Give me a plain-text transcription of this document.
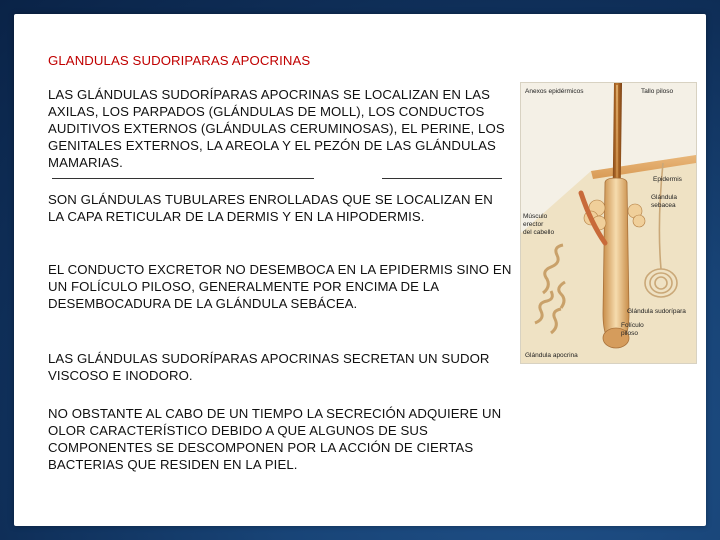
GLANDULAS SUDORIPARAS APOCRINAS
LAS GLÁNDULAS SUDORÍPARAS APOCRINAS SE LOCALIZAN EN LAS AXILAS, LOS PARPADOS (GLÁNDULAS DE MOLL), LOS CONDUCTOS AUDITIVOS EXTERNOS (GLÁNDULAS CERUMINOSAS), EL PERINE, LOS GENITALES EXTERNOS, LA AREOLA Y EL PEZÓN DE LAS GLÁNDULAS MAMARIAS.
SON GLÁNDULAS TUBULARES ENROLLADAS QUE SE LOCALIZAN EN LA CAPA RETICULAR DE LA DERMIS Y EN LA HIPODERMIS.
EL CONDUCTO EXCRETOR NO DESEMBOCA EN LA EPIDERMIS SINO EN UN FOLÍCULO PILOSO, GENERALMENTE POR ENCIMA DE LA DESEMBOCADURA DE LA GLÁNDULA SEBÁCEA.
LAS GLÁNDULAS SUDORÍPARAS APOCRINAS SECRETAN UN SUDOR VISCOSO E INODORO.
NO OBSTANTE AL CABO DE UN TIEMPO LA SECRECIÓN ADQUIERE UN OLOR CARACTERÍSTICO DEBIDO A QUE ALGUNOS DE SUS COMPONENTES SE DESCOMPONEN POR LA ACCIÓN DE CIERTAS BACTERIAS QUE RESIDEN EN LA PIEL.
Anexos epidérmicos	Tallo piloso
Epidermis
Glándula
sebacea
Músculo
erector
del cabello
Glándula sudorípara
Folículo
piloso
Glándula apocrina
